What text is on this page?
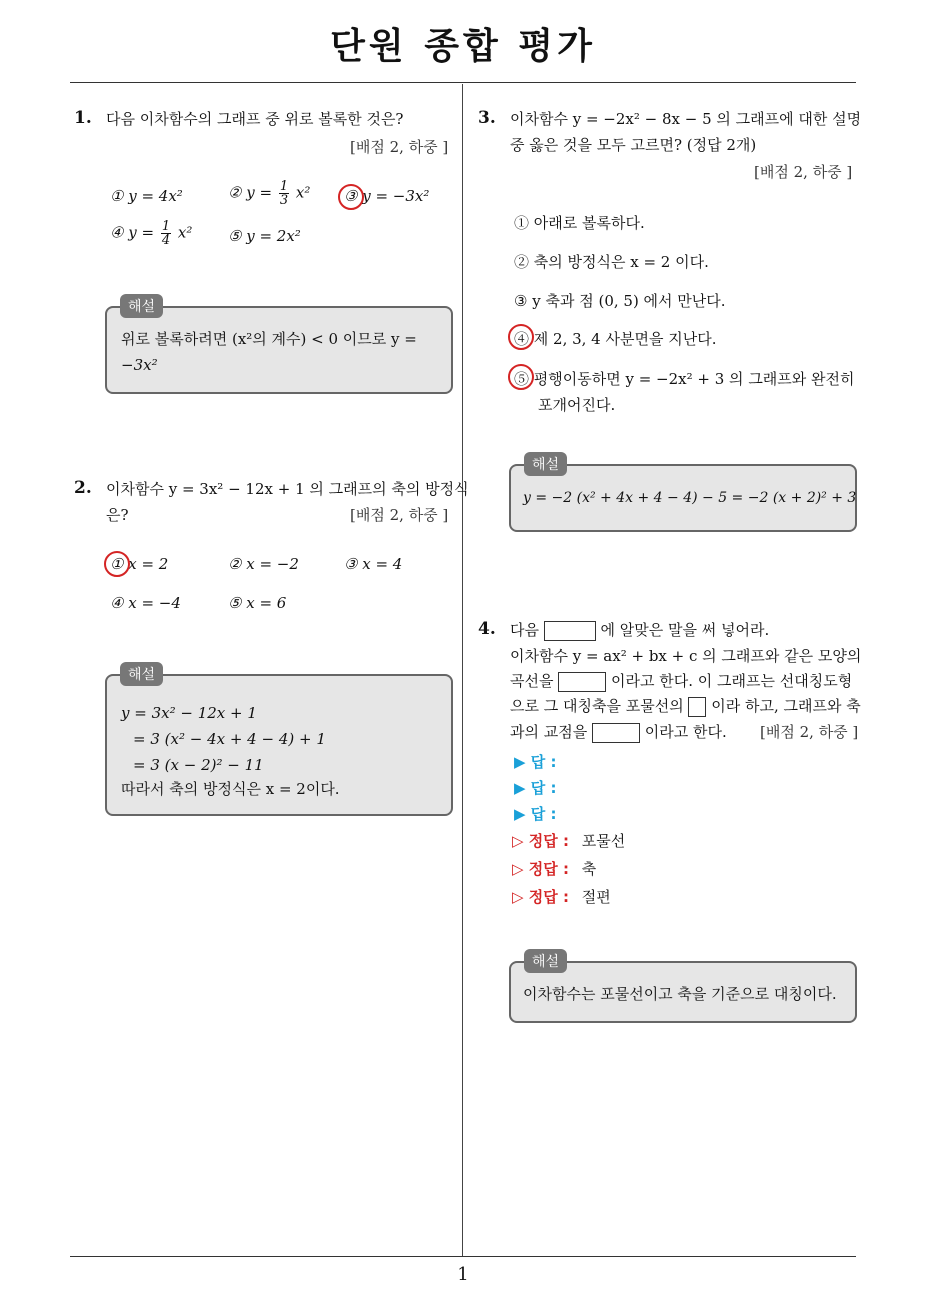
단원 종합 평가
1
1. 다음 이차함수의 그래프 중 위로 볼록한 것은?
[배점 2, 하중 ]
① y = 4x²	② $y = \frac{1}{3} x^2$ ③ y = −3x²
④ $y = \frac{1}{4} x^2$ ⑤ y = 2x²
위로 볼록하려면 (x²의 계수) < 0 이므로 y =
−3x²
해설
2. 이차함수 y = 3x² − 12x + 1 의 그래프의 축의 방정식
은?	[배점 2, 하중 ]
① x = 2	② x = −2	③ x = 4
④ x = −4	⑤ x = 6
y = 3x² − 12x + 1
= 3 (x² − 4x + 4 − 4) + 1
= 3 (x − 2)² − 11
따라서 축의 방정식은 x = 2이다.
해설
3. 이차함수 y = −2x² − 8x − 5 의 그래프에 대한 설명
중 옳은 것을 모두 고르면? (정답 2개)
[배점 2, 하중 ]
① 아래로 볼록하다.
② 축의 방정식은 x = 2 이다.
③ y 축과 점 (0, 5) 에서 만난다.
④ 제 2, 3, 4 사분면을 지난다.
⑤ 평행이동하면 y = −2x² + 3 의 그래프와 완전히
포개어진다.
y = −2 (x² + 4x + 4 − 4) − 5 = −2 (x + 2)² + 3
해설
4. 다음	에 알맞은 말을 써 넣어라.
이차함수 y = ax² + bx + c 의 그래프와 같은 모양의
곡선을	이라고 한다. 이 그래프는 선대칭도형
으로 그 대칭축을 포물선의 이라 하고, 그래프와 축
과의 교점을	이라고 한다. [배점 2, 하중 ]
▶ 답 :
▶ 답 :
▶ 답 :
▷ 정답 : 포물선
▷ 정답 : 축
▷ 정답 : 절편
이차함수는 포물선이고 축을 기준으로 대칭이다.
해설
